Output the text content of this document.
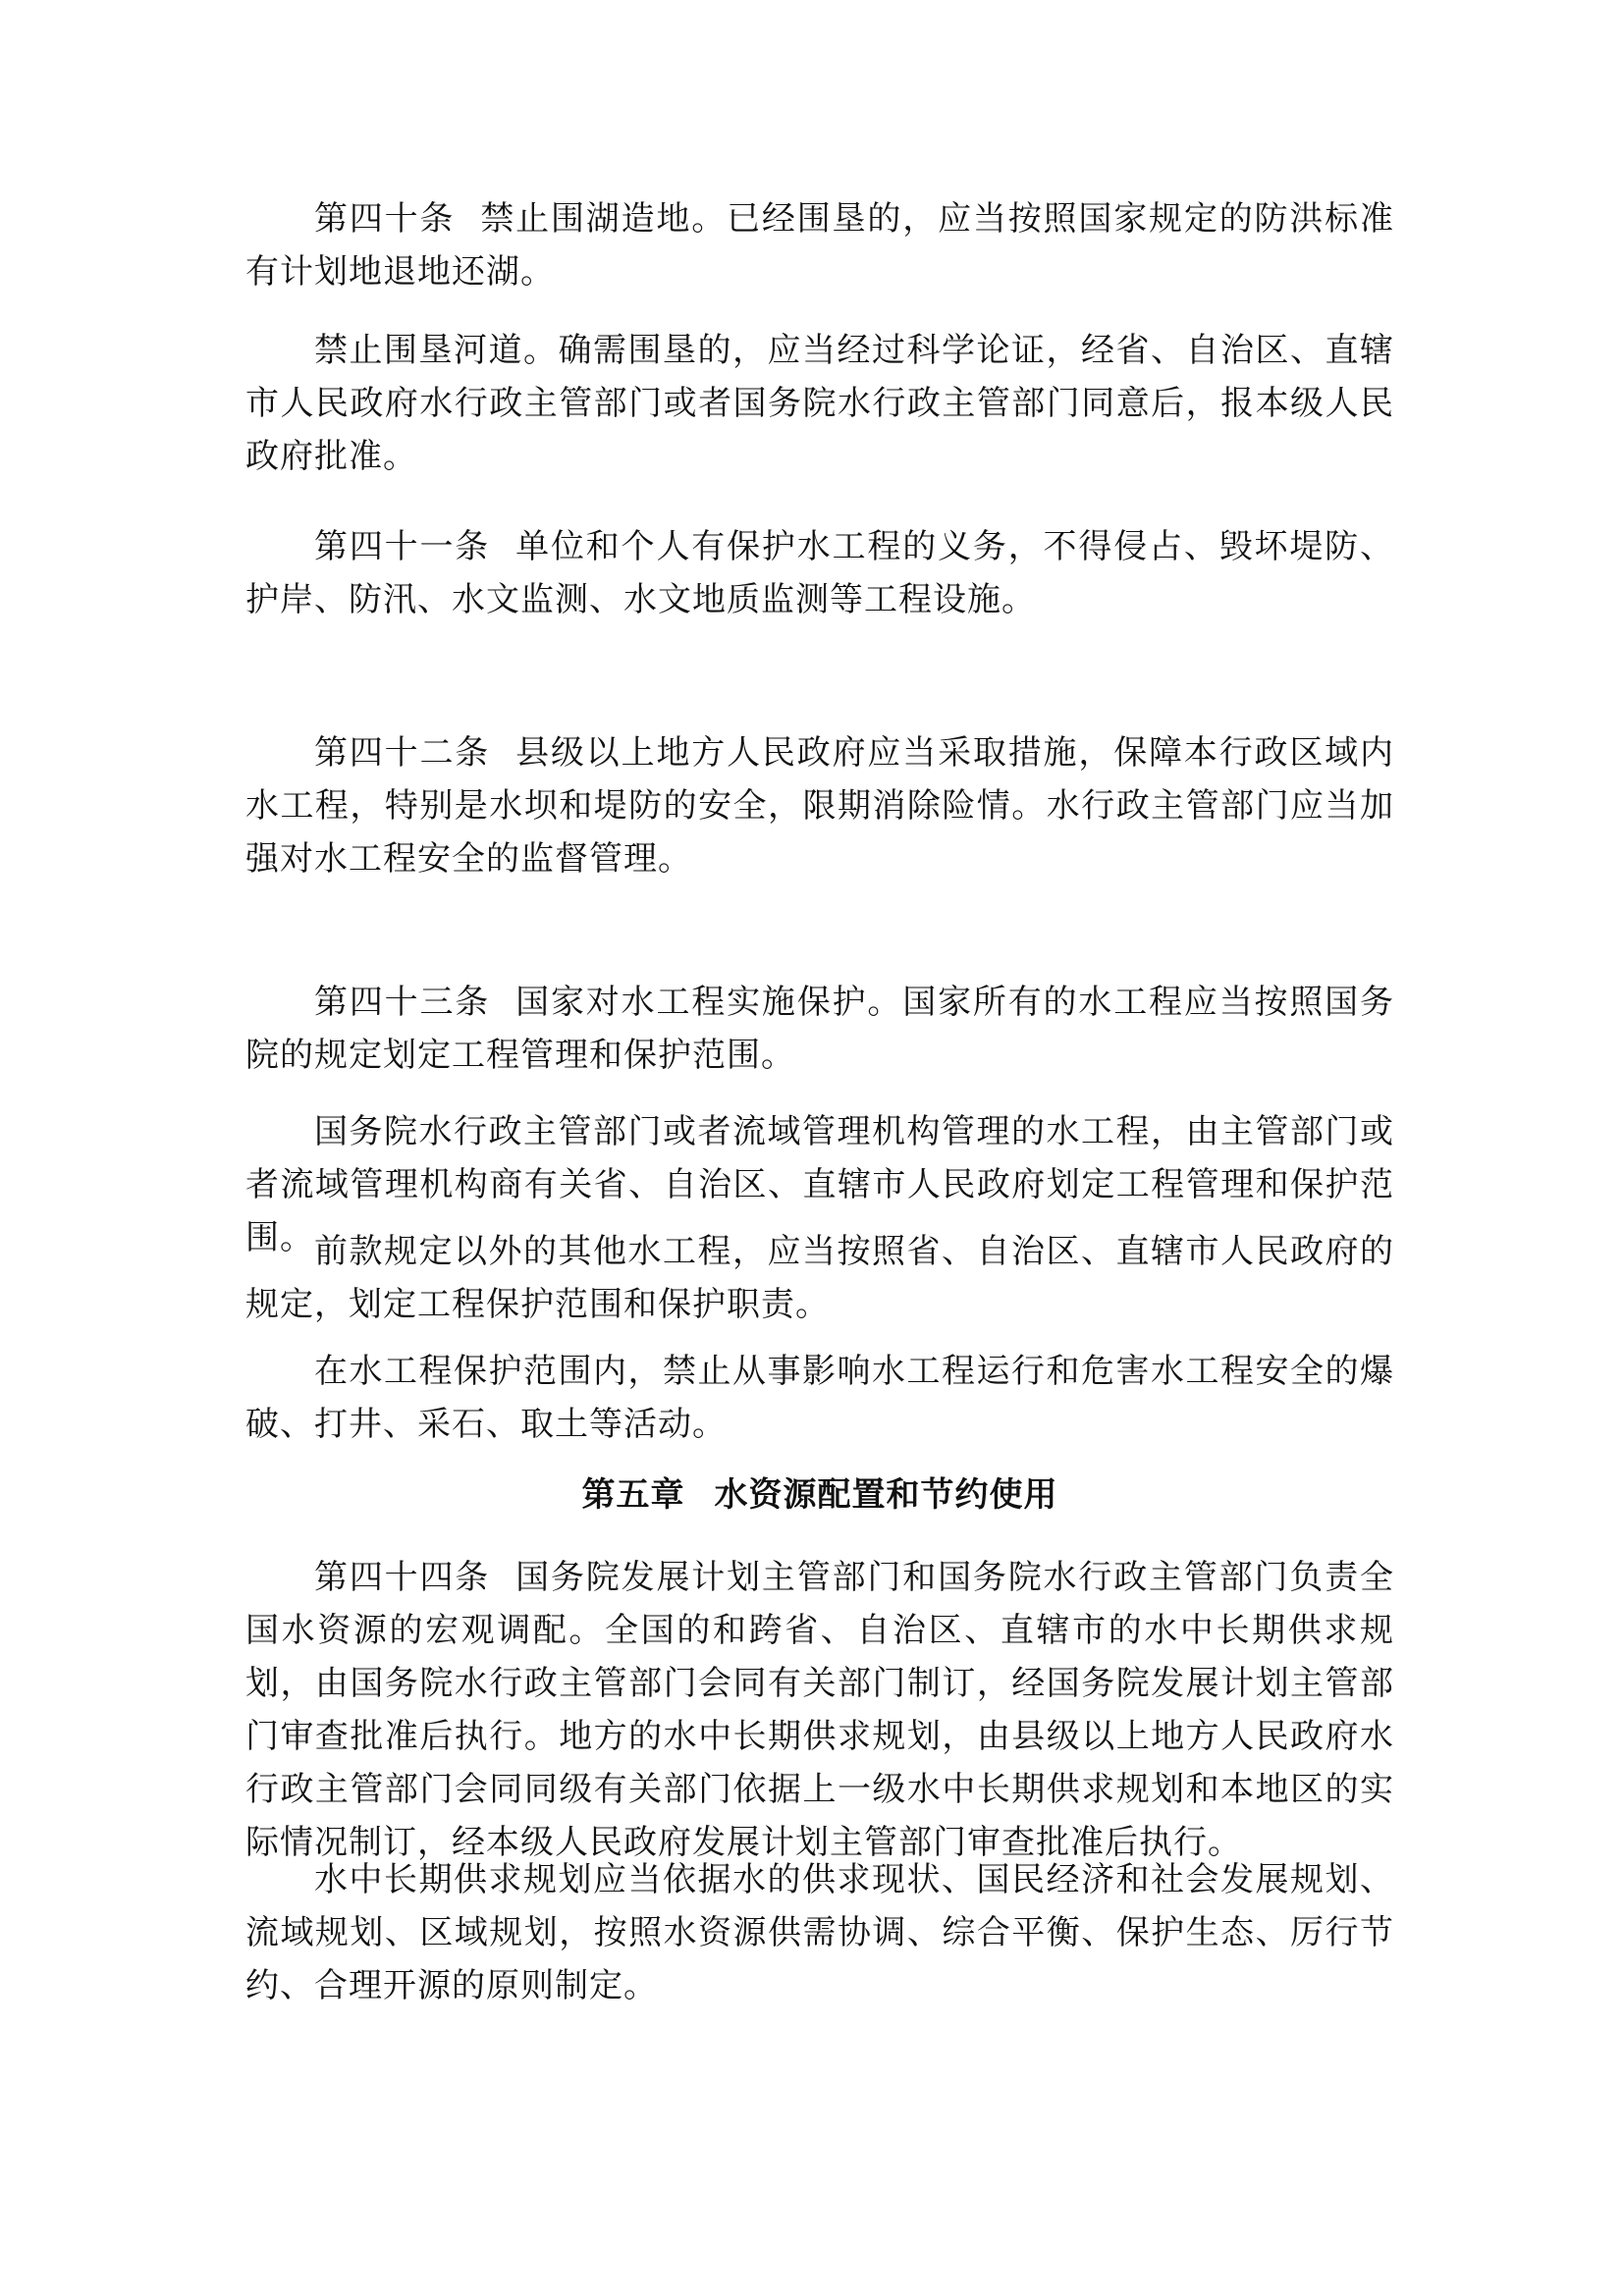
第四十条 禁止围湖造地。已经围垦的，应当按照国家规定的防洪标准有计划地退地还湖。

禁止围垦河道。确需围垦的，应当经过科学论证，经省、自治区、直辖市人民政府水行政主管部门或者国务院水行政主管部门同意后，报本级人民政府批准。

第四十一条 单位和个人有保护水工程的义务，不得侵占、毁坏堤防、护岸、防汛、水文监测、水文地质监测等工程设施。

第四十二条 县级以上地方人民政府应当采取措施，保障本行政区域内水工程，特别是水坝和堤防的安全，限期消除险情。水行政主管部门应当加强对水工程安全的监督管理。

第四十三条 国家对水工程实施保护。国家所有的水工程应当按照国务院的规定划定工程管理和保护范围。

国务院水行政主管部门或者流域管理机构管理的水工程，由主管部门或者流域管理机构商有关省、自治区、直辖市人民政府划定工程管理和保护范围。 前款规定以外的其他水工程，应当按照省、自治区、直辖市人民政府的规定，划定工程保护范围和保护职责。

在水工程保护范围内，禁止从事影响水工程运行和危害水工程安全的爆破、打井、采石、取土等活动。

第五章 水资源配置和节约使用

第四十四条 国务院发展计划主管部门和国务院水行政主管部门负责全国水资源的宏观调配。全国的和跨省、自治区、直辖市的水中长期供求规划，由国务院水行政主管部门会同有关部门制订，经国务院发展计划主管部门审查批准后执行。地方的水中长期供求规划，由县级以上地方人民政府水行政主管部门会同同级有关部门依据上一级水中长期供求规划和本地区的实际情况制订，经本级人民政府发展计划主管部门审查批准后执行。

水中长期供求规划应当依据水的供求现状、国民经济和社会发展规划、流域规划、区域规划，按照水资源供需协调、综合平衡、保护生态、厉行节约、合理开源的原则制定。
